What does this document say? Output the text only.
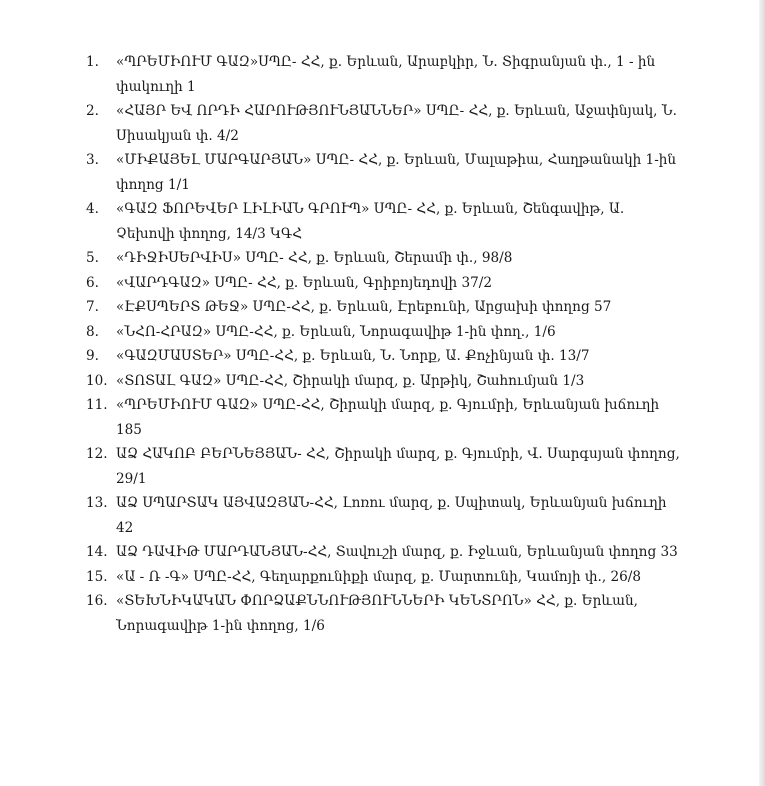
1.	«ՊՐԵՄԻՈՒՄ ԳԱԶ»ՍՊԸ- ՀՀ, ք. Երևան, Արաբկիր, Ն. Տիգրանյան փ., 1 - ին փակուղի 1
2.	«ՀԱՅՐ ԵՎ ՈՐԴԻ ՀԱՐՈՒԹՅՈՒՆՅԱՆՆԵՐ» ՍՊԸ- ՀՀ, ք. Երևան, Աջափնյակ, Ն. Սիսակյան փ. 4/2
3.	«ՄԻՔԱՅԵԼ ՄԱՐԳԱՐՅԱՆ» ՍՊԸ- ՀՀ, ք. Երևան, Մալաթիա, Հաղթանակի 1-ին փողոց 1/1
4.	«ԳԱԶ ՖՈՐԵՎԵՐ ԼԻԼԻԱՆ ԳՐՈՒՊ» ՍՊԸ- ՀՀ, ք. Երևան, Շենգավիթ, Ա. Չեխովի փողոց, 14/3 ԿԳՀ
5.	«ԴԻՋԻՍԵՐՎԻՍ» ՍՊԸ- ՀՀ, ք. Երևան, Շերամի փ., 98/8
6.	«ՎԱՐԴԳԱԶ» ՍՊԸ- ՀՀ, ք. Երևան, Գրիբոյեդովի 37/2
7.	«ԷՔՍՊԵՐՏ ԹԵՋ» ՍՊԸ-ՀՀ, ք. Երևան, Էրեբունի, Արցախի փողոց 57
8.	«ՆՀՈ-ՀՐԱԶ» ՍՊԸ-ՀՀ, ք. Երևան, Նորագավիթ 1-ին փող., 1/6
9.	«ԳԱԶՄԱՍՏԵՐ» ՍՊԸ-ՀՀ, ք. Երևան, Ն. Նորք, Ա. Քոչինյան փ. 13/7
10. «ՏՈՏԱԼ ԳԱԶ» ՍՊԸ-ՀՀ, Շիրակի մարզ, ք. Արթիկ, Շահումյան 1/3
11. «ՊՐԵՄԻՈՒՄ ԳԱԶ» ՍՊԸ-ՀՀ, Շիրակի մարզ, ք. Գյումրի, Երևանյան խճուղի 185
12. ԱՁ ՀԱԿՈԲ ԲԵՐՆԵՅՅԱՆ- ՀՀ, Շիրակի մարզ, ք. Գյումրի, Վ. Սարգսյան փողոց, 29/1
13. ԱՁ ՍՊԱՐՏԱԿ ԱՅՎԱԶՅԱՆ-ՀՀ, Լոռու մարզ, ք. Սպիտակ, Երևանյան խճուղի 42
14. ԱՁ ԴԱՎԻԹ ՄԱՐԴԱՆՅԱՆ-ՀՀ, Տավուշի մարզ, ք. Իջևան, Երևանյան փողոց 33
15. «Ա - Ռ -Գ» ՍՊԸ-ՀՀ, Գեղարքունիքի մարզ, ք. Մարտունի, Կամոյի փ., 26/8
16. «ՏԵԽՆԻԿԱԿԱՆ ՓՈՐՁԱՔՆՆՈՒԹՅՈՒՆՆԵՐԻ ԿԵՆՏՐՈՆ» ՀՀ, ք. Երևան, Նորագավիթ 1-ին փողոց, 1/6
